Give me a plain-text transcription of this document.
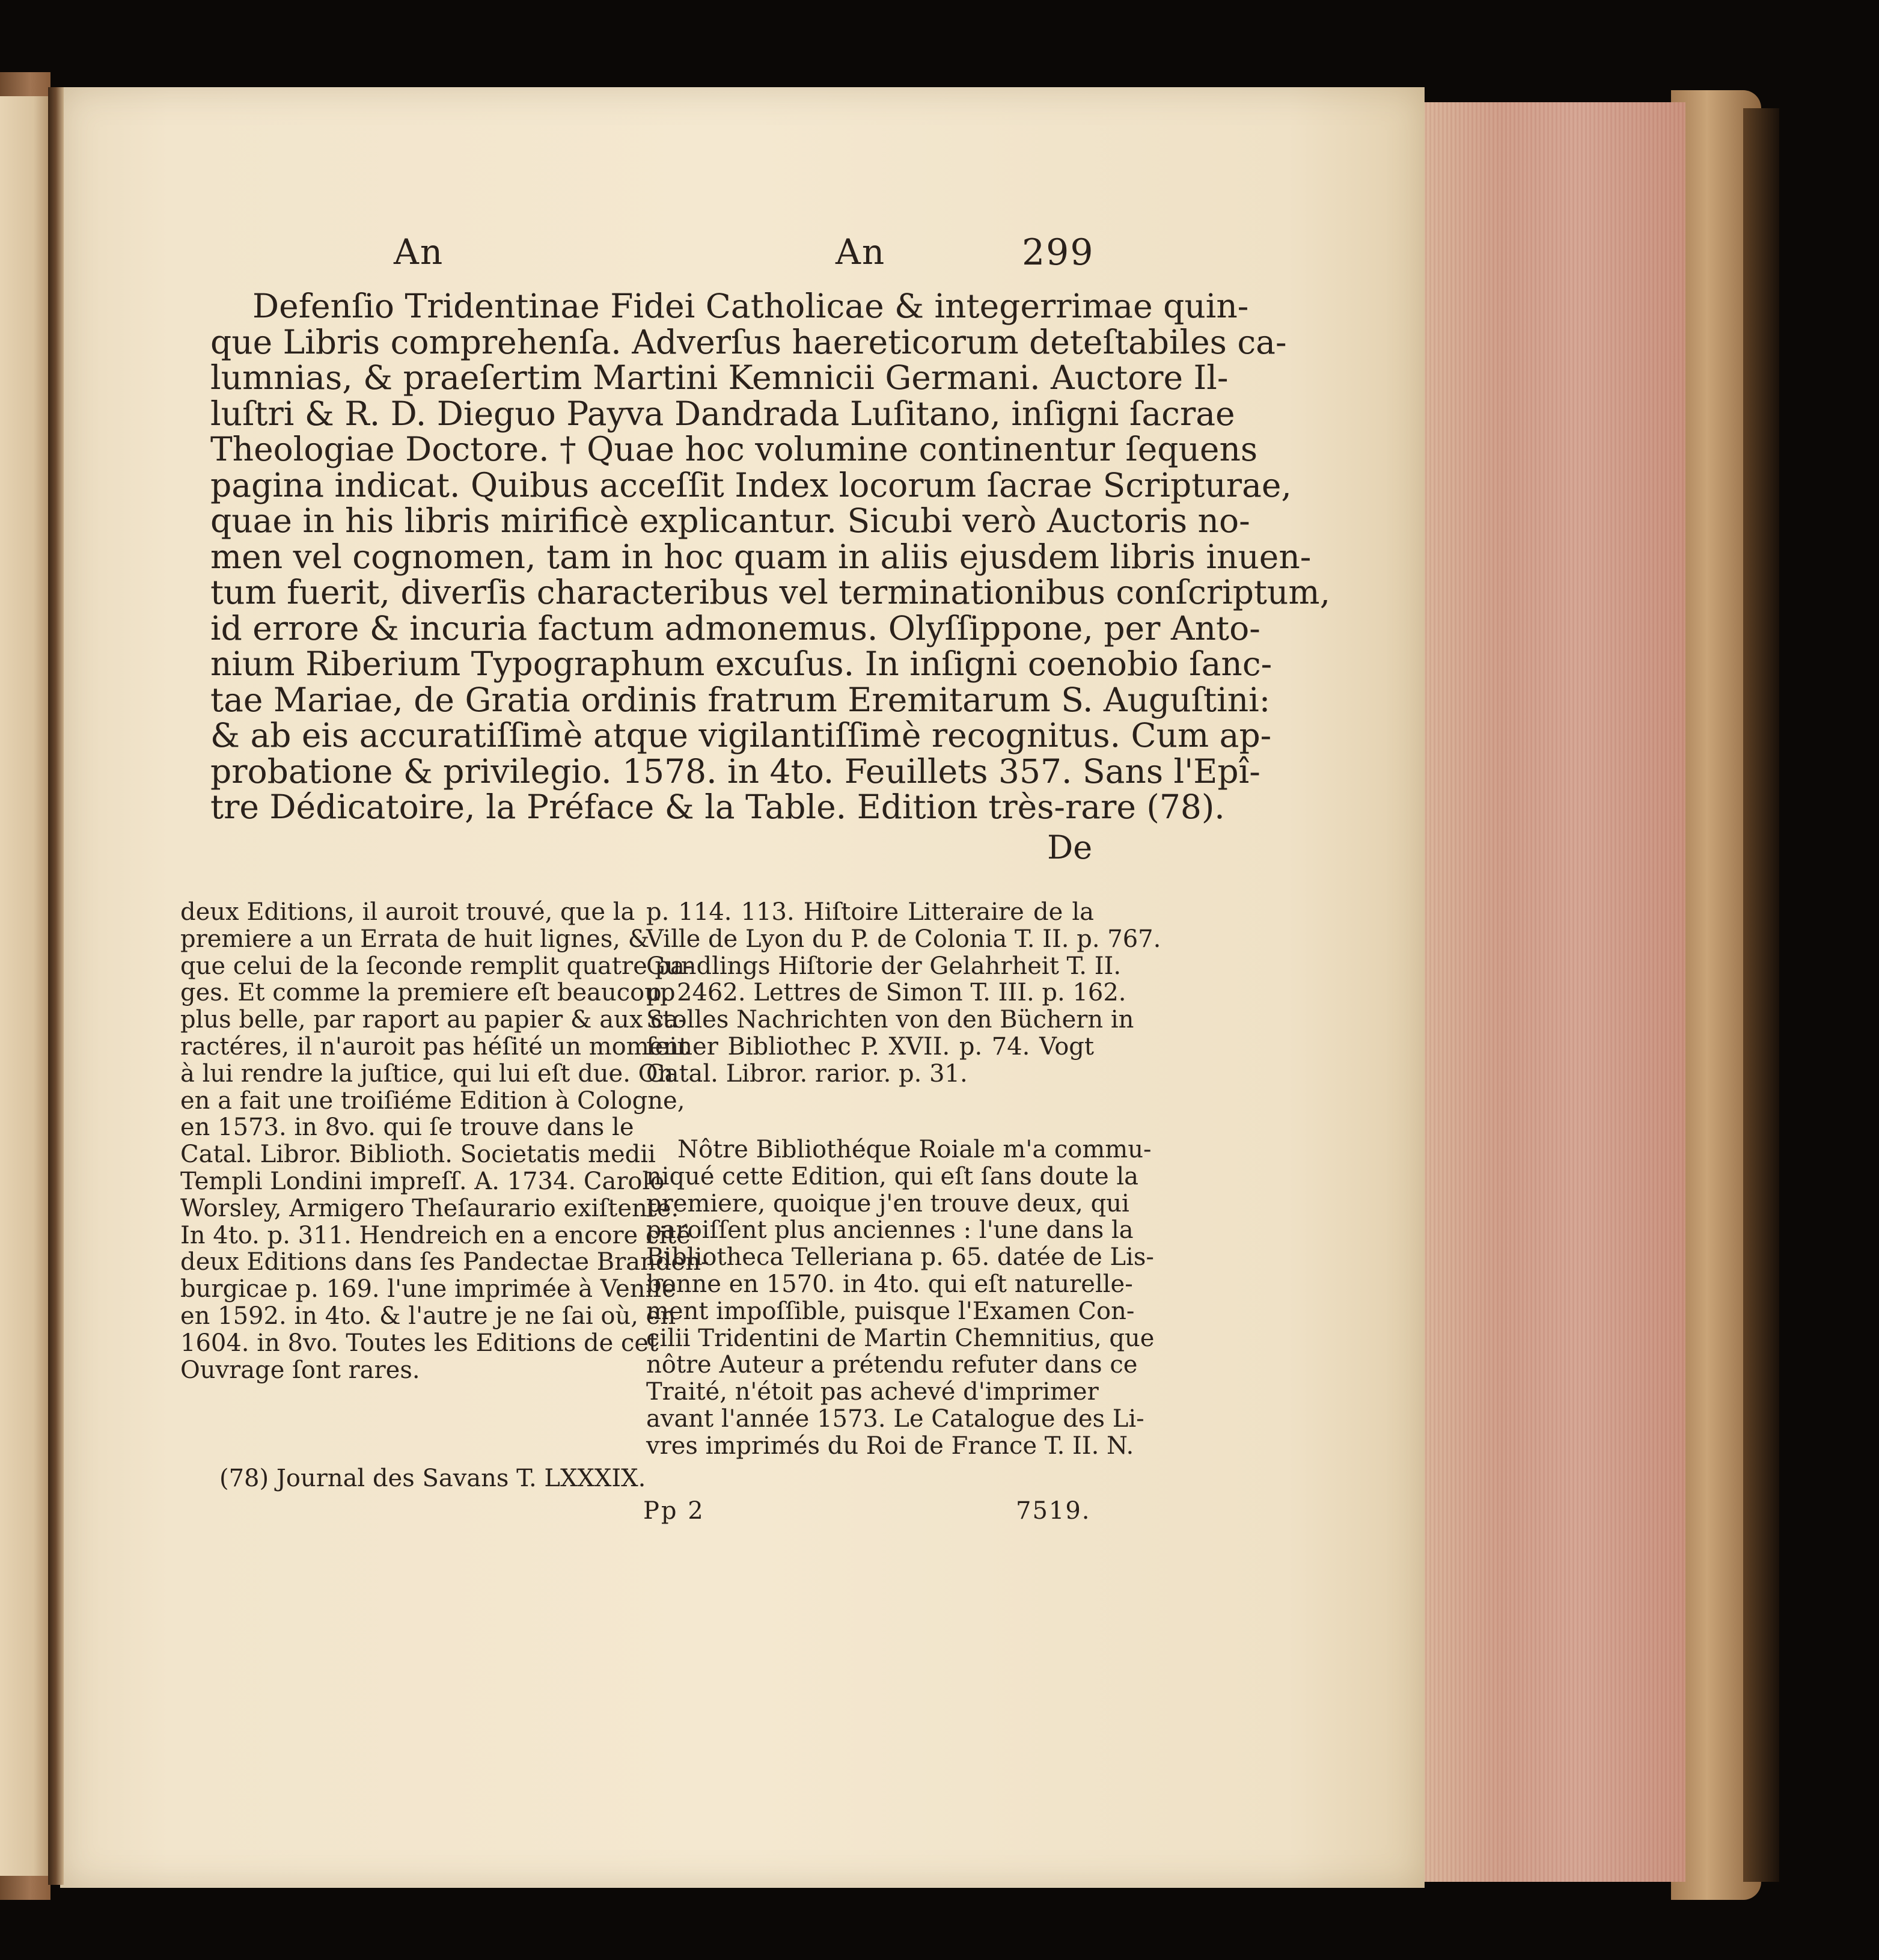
An	An	299
Defenſio Tridentinae Fidei Catholicae & integerrimae quin-
que Libris comprehenſa. Adverſus haereticorum deteſtabiles ca-
lumnias, & praeſertim Martini Kemnicii Germani. Auctore Il-
luſtri & R. D. Dieguo Payva Dandrada Luſitano, inſigni ſacrae
Theologiae Doctore. † Quae hoc volumine continentur ſequens
pagina indicat. Quibus acceſſit Index locorum ſacrae Scripturae,
quae in his libris mirificè explicantur. Sicubi verò Auctoris no-
men vel cognomen, tam in hoc quam in aliis ejusdem libris inuen-
tum fuerit, diverſis characteribus vel terminationibus conſcriptum,
id errore & incuria factum admonemus. Olyſſippone, per Anto-
nium Riberium Typographum excuſus. In inſigni coenobio ſanc-
tae Mariae, de Gratia ordinis fratrum Eremitarum S. Auguſtini:
& ab eis accuratiſſimè atque vigilantiſſimè recognitus. Cum ap-
probatione & privilegio. 1578. in 4to. Feuillets 357. Sans l'Epî-
tre Dédicatoire, la Préface & la Table. Edition très-rare (78).
De
deux Editions, il auroit trouvé, que la
premiere a un Errata de huit lignes, &
que celui de la ſeconde remplit quatre pa-
ges. Et comme la premiere eſt beaucoup
plus belle, par raport au papier & aux ca-
ractéres, il n'auroit pas héſité un moment
à lui rendre la juſtice, qui lui eſt due. On
en a fait une troiſiéme Edition à Cologne,
en 1573. in 8vo. qui ſe trouve dans le
Catal. Libror. Biblioth. Societatis medii
Templi Londini impreſſ. A. 1734. Carolo
Worsley, Armigero Theſaurario exiſtente.
In 4to. p. 311. Hendreich en a encore cité
deux Editions dans ſes Pandectae Branden-
burgicae p. 169. l'une imprimée à Veniſe
en 1592. in 4to. & l'autre je ne ſai où, en
1604. in 8vo. Toutes les Editions de cet
Ouvrage ſont rares.
(78) Journal des Savans T. LXXXIX.
p. 114. 113. Hiſtoire Litteraire de la
Ville de Lyon du P. de Colonia T. II. p. 767.
Gundlings Hiſtorie der Gelahrheit T. II.
p. 2462. Lettres de Simon T. III. p. 162.
Stolles Nachrichten von den Büchern in
ſeiner Bibliothec P. XVII. p. 74. Vogt
Catal. Libror. rarior. p. 31.
Nôtre Bibliothéque Roiale m'a commu-
niqué cette Edition, qui eſt ſans doute la
premiere, quoique j'en trouve deux, qui
paroiſſent plus anciennes : l'une dans la
Bibliotheca Telleriana p. 65. datée de Lis-
bonne en 1570. in 4to. qui eſt naturelle-
ment impoſſible, puisque l'Examen Con-
cilii Tridentini de Martin Chemnitius, que
nôtre Auteur a prétendu refuter dans ce
Traité, n'étoit pas achevé d'imprimer
avant l'année 1573. Le Catalogue des Li-
vres imprimés du Roi de France T. II. N.
Pp 2	7519.
